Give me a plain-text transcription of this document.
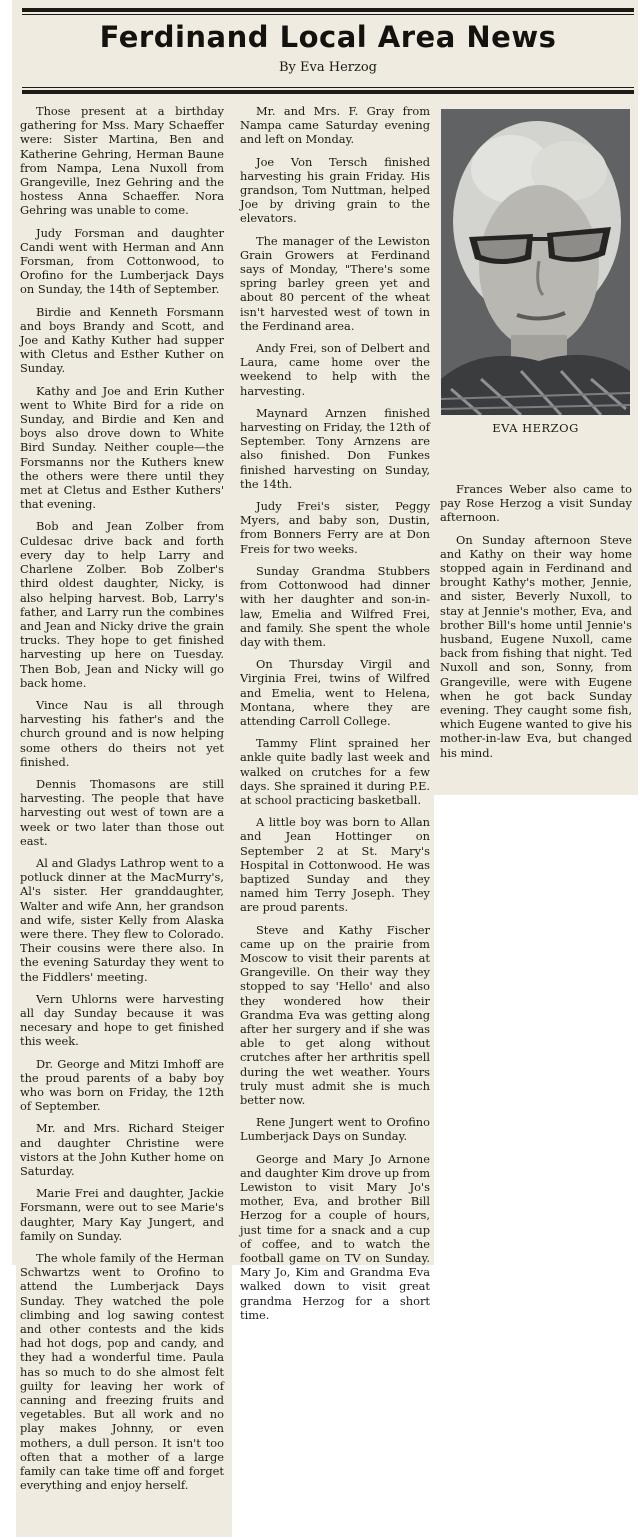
Ferdinand Local Area News
By Eva Herzog

Those present at a birthday gathering for Mss. Mary Schaeffer were: Sister Martina, Ben and Katherine Gehring, Herman Baune from Nampa, Lena Nuxoll from Grangeville, Inez Gehring and the hostess Anna Schaeffer. Nora Gehring was unable to come.

Judy Forsman and daughter Candi went with Herman and Ann Forsman, from Cottonwood, to Orofino for the Lumberjack Days on Sunday, the 14th of September.

Birdie and Kenneth Forsmann and boys Brandy and Scott, and Joe and Kathy Kuther had supper with Cletus and Esther Kuther on Sunday.

Kathy and Joe and Erin Kuther went to White Bird for a ride on Sunday, and Birdie and Ken and boys also drove down to White Bird Sunday. Neither couple—the Forsmanns nor the Kuthers knew the others were there until they met at Cletus and Esther Kuthers' that evening.

Bob and Jean Zolber from Culdesac drive back and forth every day to help Larry and Charlene Zolber. Bob Zolber's third oldest daughter, Nicky, is also helping harvest. Bob, Larry's father, and Larry run the combines and Jean and Nicky drive the grain trucks. They hope to get finished harvesting up here on Tuesday. Then Bob, Jean and Nicky will go back home.

Vince Nau is all through harvesting his father's and the church ground and is now helping some others do theirs not yet finished.

Dennis Thomasons are still harvesting. The people that have harvesting out west of town are a week or two later than those out east.

Al and Gladys Lathrop went to a potluck dinner at the MacMurry's, Al's sister. Her granddaughter, Walter and wife Ann, her grandson and wife, sister Kelly from Alaska were there. They flew to Colorado. Their cousins were there also. In the evening Saturday they went to the Fiddlers' meeting.

Vern Uhlorns were harvesting all day Sunday because it was necesary and hope to get finished this week.

Dr. George and Mitzi Imhoff are the proud parents of a baby boy who was born on Friday, the 12th of September.

Mr. and Mrs. Richard Steiger and daughter Christine were vistors at the John Kuther home on Saturday.

Marie Frei and daughter, Jackie Forsmann, were out to see Marie's daughter, Mary Kay Jungert, and family on Sunday.

The whole family of the Herman Schwartzs went to Orofino to attend the Lumberjack Days Sunday. They watched the pole climbing and log sawing contest and other contests and the kids had hot dogs, pop and candy, and they had a wonderful time. Paula has so much to do she almost felt guilty for leaving her work of canning and freezing fruits and vegetables. But all work and no play makes Johnny, or even mothers, a dull person. It isn't too often that a mother of a large family can take time off and forget everything and enjoy herself.

Mr. and Mrs. F. Gray from Nampa came Saturday evening and left on Monday.

Joe Von Tersch finished harvesting his grain Friday. His grandson, Tom Nuttman, helped Joe by driving grain to the elevators.

The manager of the Lewiston Grain Growers at Ferdinand says of Monday, "There's some spring barley green yet and about 80 percent of the wheat isn't harvested west of town in the Ferdinand area.

Andy Frei, son of Delbert and Laura, came home over the weekend to help with the harvesting.

Maynard Arnzen finished harvesting on Friday, the 12th of September. Tony Arnzens are also finished. Don Funkes finished harvesting on Sunday, the 14th.

Judy Frei's sister, Peggy Myers, and baby son, Dustin, from Bonners Ferry are at Don Freis for two weeks.

Sunday Grandma Stubbers from Cottonwood had dinner with her daughter and son-in-law, Emelia and Wilfred Frei, and family. She spent the whole day with them.

On Thursday Virgil and Virginia Frei, twins of Wilfred and Emelia, went to Helena, Montana, where they are attending Carroll College.

Tammy Flint sprained her ankle quite badly last week and walked on crutches for a few days. She sprained it during P.E. at school practicing basketball.

A little boy was born to Allan and Jean Hottinger on September 2 at St. Mary's Hospital in Cottonwood. He was baptized Sunday and they named him Terry Joseph. They are proud parents.

Steve and Kathy Fischer came up on the prairie from Moscow to visit their parents at Grangeville. On their way they stopped to say 'Hello' and also they wondered how their Grandma Eva was getting along after her surgery and if she was able to get along without crutches after her arthritis spell during the wet weather. Yours truly must admit she is much better now.

Rene Jungert went to Orofino Lumberjack Days on Sunday.

George and Mary Jo Arnone and daughter Kim drove up from Lewiston to visit Mary Jo's mother, Eva, and brother Bill Herzog for a couple of hours, just time for a snack and a cup of coffee, and to watch the football game on TV on Sunday. Mary Jo, Kim and Grandma Eva walked down to visit great grandma Herzog for a short time.

EVA HERZOG

Frances Weber also came to pay Rose Herzog a visit Sunday afternoon.

On Sunday afternoon Steve and Kathy on their way home stopped again in Ferdinand and brought Kathy's mother, Jennie, and sister, Beverly Nuxoll, to stay at Jennie's mother, Eva, and brother Bill's home until Jennie's husband, Eugene Nuxoll, came back from fishing that night. Ted Nuxoll and son, Sonny, from Grangeville, were with Eugene when he got back Sunday evening. They caught some fish, which Eugene wanted to give his mother-in-law Eva, but changed his mind.
